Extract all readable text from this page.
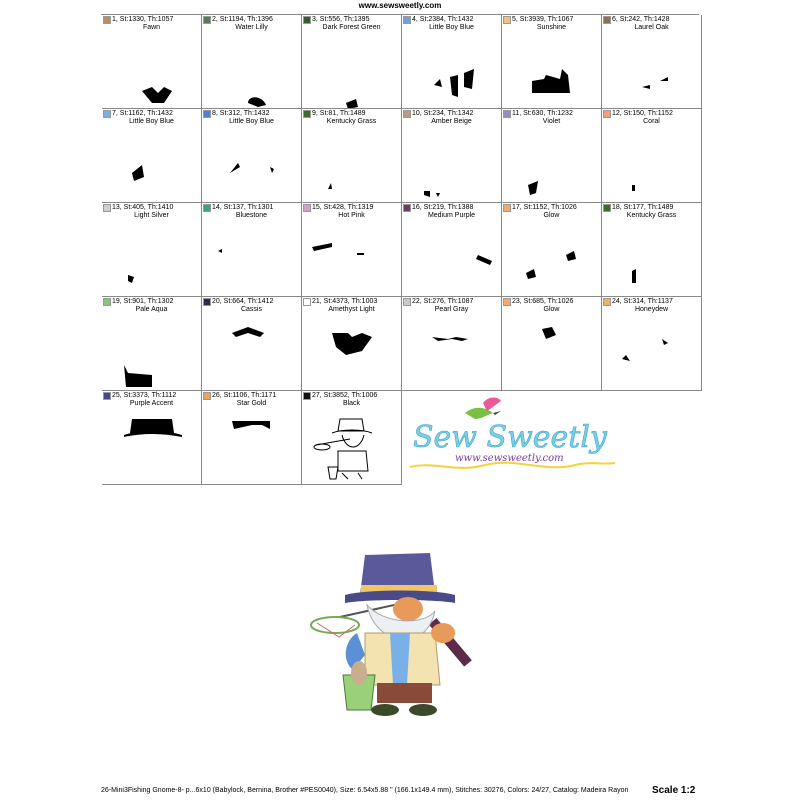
www.sewsweetly.com
1, St:1330, Th:1057
Fawn
2, St:1194, Th:1396
Water Lilly
3, St:556, Th:1395
Dark Forest Green
4, St:2384, Th:1432
Little Boy Blue
5, St:3939, Th:1067
Sunshine
6, St:242, Th:1428
Laurel Oak
7, St:1162, Th:1432
Little Boy Blue
8, St:312, Th:1432
Little Boy Blue
9, St:81, Th:1489
Kentucky Grass
10, St:234, Th:1342
Amber Beige
11, St:630, Th:1232
Violet
12, St:150, Th:1152
Coral
13, St:405, Th:1410
Light Silver
14, St:137, Th:1301
Bluestone
15, St:428, Th:1319
Hot Pink
16, St:219, Th:1388
Medium Purple
17, St:1152, Th:1026
Glow
18, St:177, Th:1489
Kentucky Grass
19, St:901, Th:1302
Pale Aqua
20, St:664, Th:1412
Cassis
21, St:4373, Th:1003
Amethyst Light
22, St:276, Th:1087
Pearl Gray
23, St:685, Th:1026
Glow
24, St:314, Th:1137
Honeydew
25, St:3373, Th:1112
Purple Accent
26, St:1106, Th:1171
Star Gold
27, St:3852, Th:1006
Black
Sew Sweetly
www.sewsweetly.com
26-Mini3Fishing Gnome-8- p...6x10 (Babylock, Bernina, Brother #PES0040), Size: 6.54x5.88 " (166.1x149.4 mm), Stitches: 30276, Colors: 24/27, Catalog: Madeira Rayon Scale 1:2
